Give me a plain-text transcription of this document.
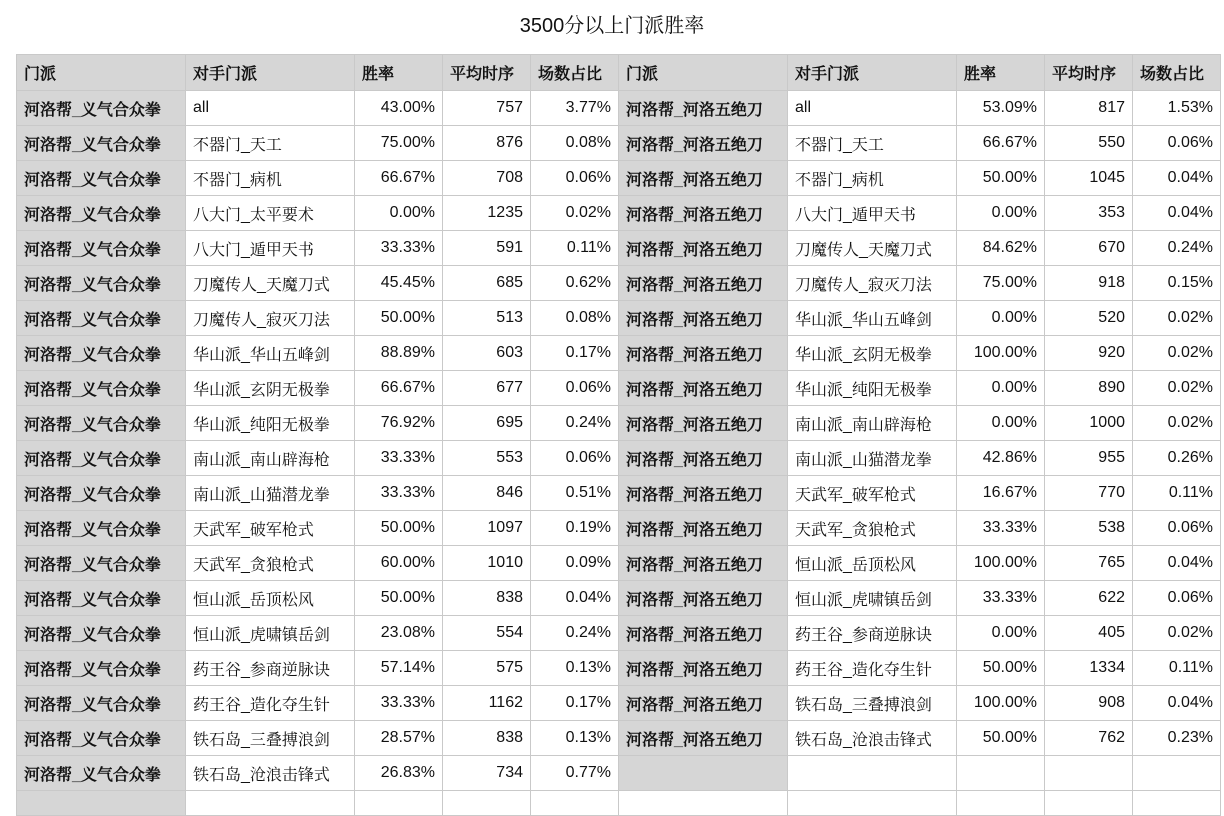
3500分以上门派胜率
门派	对手门派	胜率	平均时序	场数占比	门派	对手门派	胜率	平均时序	场数占比
河洛帮_义气合众拳	all	43.00%	757	3.77%	河洛帮_河洛五绝刀	all	53.09%	817	1.53%
河洛帮_义气合众拳	不器门_天工	75.00%	876	0.08%	河洛帮_河洛五绝刀	不器门_天工	66.67%	550	0.06%
河洛帮_义气合众拳	不器门_病机	66.67%	708	0.06%	河洛帮_河洛五绝刀	不器门_病机	50.00%	1045	0.04%
河洛帮_义气合众拳	八大门_太平要术	0.00%	1235	0.02%	河洛帮_河洛五绝刀	八大门_遁甲天书	0.00%	353	0.04%
河洛帮_义气合众拳	八大门_遁甲天书	33.33%	591	0.11%	河洛帮_河洛五绝刀	刀魔传人_天魔刀式	84.62%	670	0.24%
河洛帮_义气合众拳	刀魔传人_天魔刀式	45.45%	685	0.62%	河洛帮_河洛五绝刀	刀魔传人_寂灭刀法	75.00%	918	0.15%
河洛帮_义气合众拳	刀魔传人_寂灭刀法	50.00%	513	0.08%	河洛帮_河洛五绝刀	华山派_华山五峰剑	0.00%	520	0.02%
河洛帮_义气合众拳	华山派_华山五峰剑	88.89%	603	0.17%	河洛帮_河洛五绝刀	华山派_玄阴无极拳	100.00%	920	0.02%
河洛帮_义气合众拳	华山派_玄阴无极拳	66.67%	677	0.06%	河洛帮_河洛五绝刀	华山派_纯阳无极拳	0.00%	890	0.02%
河洛帮_义气合众拳	华山派_纯阳无极拳	76.92%	695	0.24%	河洛帮_河洛五绝刀	南山派_南山辟海枪	0.00%	1000	0.02%
河洛帮_义气合众拳	南山派_南山辟海枪	33.33%	553	0.06%	河洛帮_河洛五绝刀	南山派_山猫潜龙拳	42.86%	955	0.26%
河洛帮_义气合众拳	南山派_山猫潜龙拳	33.33%	846	0.51%	河洛帮_河洛五绝刀	天武军_破军枪式	16.67%	770	0.11%
河洛帮_义气合众拳	天武军_破军枪式	50.00%	1097	0.19%	河洛帮_河洛五绝刀	天武军_贪狼枪式	33.33%	538	0.06%
河洛帮_义气合众拳	天武军_贪狼枪式	60.00%	1010	0.09%	河洛帮_河洛五绝刀	恒山派_岳顶松风	100.00%	765	0.04%
河洛帮_义气合众拳	恒山派_岳顶松风	50.00%	838	0.04%	河洛帮_河洛五绝刀	恒山派_虎啸镇岳剑	33.33%	622	0.06%
河洛帮_义气合众拳	恒山派_虎啸镇岳剑	23.08%	554	0.24%	河洛帮_河洛五绝刀	药王谷_参商逆脉诀	0.00%	405	0.02%
河洛帮_义气合众拳	药王谷_参商逆脉诀	57.14%	575	0.13%	河洛帮_河洛五绝刀	药王谷_造化夺生针	50.00%	1334	0.11%
河洛帮_义气合众拳	药王谷_造化夺生针	33.33%	1162	0.17%	河洛帮_河洛五绝刀	铁石岛_三叠搏浪剑	100.00%	908	0.04%
河洛帮_义气合众拳	铁石岛_三叠搏浪剑	28.57%	838	0.13%	河洛帮_河洛五绝刀	铁石岛_沧浪击锋式	50.00%	762	0.23%
河洛帮_义气合众拳	铁石岛_沧浪击锋式	26.83%	734	0.77%					
